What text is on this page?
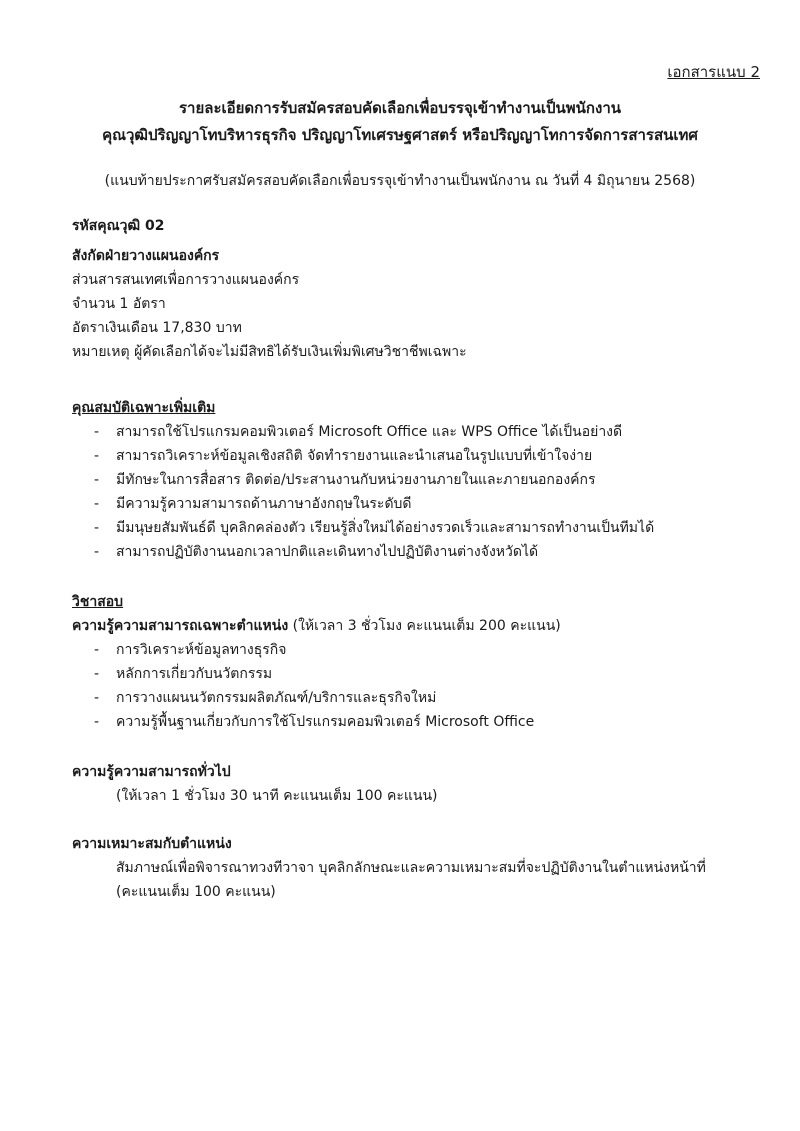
เอกสารแนบ 2
รายละเอียดการรับสมัครสอบคัดเลือกเพื่อบรรจุเข้าทำงานเป็นพนักงาน
คุณวุฒิปริญญาโทบริหารธุรกิจ ปริญญาโทเศรษฐศาสตร์ หรือปริญญาโทการจัดการสารสนเทศ
(แนบท้ายประกาศรับสมัครสอบคัดเลือกเพื่อบรรจุเข้าทำงานเป็นพนักงาน ณ วันที่ 4 มิถุนายน 2568)
รหัสคุณวุฒิ 02
สังกัดฝ่ายวางแผนองค์กร
ส่วนสารสนเทศเพื่อการวางแผนองค์กร
จำนวน 1 อัตรา
อัตราเงินเดือน 17,830 บาท
หมายเหตุ ผู้คัดเลือกได้จะไม่มีสิทธิได้รับเงินเพิ่มพิเศษวิชาชีพเฉพาะ
คุณสมบัติเฉพาะเพิ่มเติม
- สามารถใช้โปรแกรมคอมพิวเตอร์ Microsoft Office และ WPS Office ได้เป็นอย่างดี
- สามารถวิเคราะห์ข้อมูลเชิงสถิติ จัดทำรายงานและนำเสนอในรูปแบบที่เข้าใจง่าย
- มีทักษะในการสื่อสาร ติดต่อ/ประสานงานกับหน่วยงานภายในและภายนอกองค์กร
- มีความรู้ความสามารถด้านภาษาอังกฤษในระดับดี
- มีมนุษยสัมพันธ์ดี บุคลิกคล่องตัว เรียนรู้สิ่งใหม่ได้อย่างรวดเร็วและสามารถทำงานเป็นทีมได้
- สามารถปฏิบัติงานนอกเวลาปกติและเดินทางไปปฏิบัติงานต่างจังหวัดได้
วิชาสอบ
ความรู้ความสามารถเฉพาะตำแหน่ง (ให้เวลา 3 ชั่วโมง คะแนนเต็ม 200 คะแนน)
- การวิเคราะห์ข้อมูลทางธุรกิจ
- หลักการเกี่ยวกับนวัตกรรม
- การวางแผนนวัตกรรมผลิตภัณฑ์/บริการและธุรกิจใหม่
- ความรู้พื้นฐานเกี่ยวกับการใช้โปรแกรมคอมพิวเตอร์ Microsoft Office
ความรู้ความสามารถทั่วไป
(ให้เวลา 1 ชั่วโมง 30 นาที คะแนนเต็ม 100 คะแนน)
ความเหมาะสมกับตำแหน่ง
สัมภาษณ์เพื่อพิจารณาทวงทีวาจา บุคลิกลักษณะและความเหมาะสมที่จะปฏิบัติงานในตำแหน่งหน้าที่
(คะแนนเต็ม 100 คะแนน)
